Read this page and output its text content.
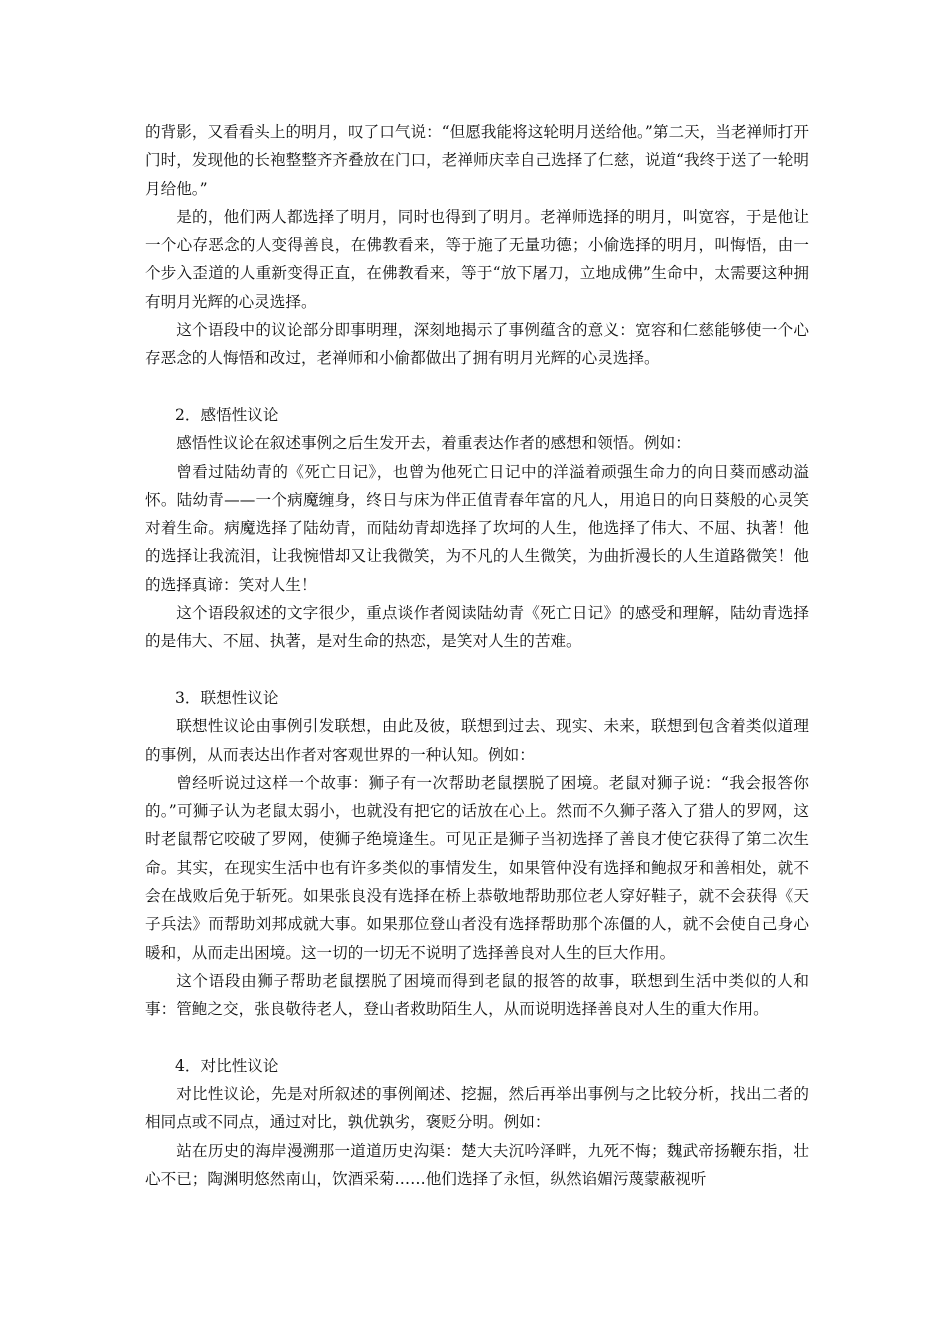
的背影，又看看头上的明月，叹了口气说：“但愿我能将这轮明月送给他。”第二天，当老禅师打开门时，发现他的长袍整整齐齐叠放在门口，老禅师庆幸自己选择了仁慈，说道“我终于送了一轮明月给他。”

是的，他们两人都选择了明月，同时也得到了明月。老禅师选择的明月，叫宽容，于是他让一个心存恶念的人变得善良，在佛教看来，等于施了无量功德；小偷选择的明月，叫悔悟，由一个步入歪道的人重新变得正直，在佛教看来，等于“放下屠刀，立地成佛”生命中，太需要这种拥有明月光辉的心灵选择。

这个语段中的议论部分即事明理，深刻地揭示了事例蕴含的意义：宽容和仁慈能够使一个心存恶念的人悔悟和改过，老禅师和小偷都做出了拥有明月光辉的心灵选择。

2．感悟性议论

感悟性议论在叙述事例之后生发开去，着重表达作者的感想和领悟。例如：

曾看过陆幼青的《死亡日记》，也曾为他死亡日记中的洋溢着顽强生命力的向日葵而感动溢怀。陆幼青——一个病魔缠身，终日与床为伴正值青春年富的凡人，用追日的向日葵般的心灵笑对着生命。病魔选择了陆幼青，而陆幼青却选择了坎坷的人生，他选择了伟大、不屈、执著！他的选择让我流泪，让我惋惜却又让我微笑，为不凡的人生微笑，为曲折漫长的人生道路微笑！他的选择真谛：笑对人生！

这个语段叙述的文字很少，重点谈作者阅读陆幼青《死亡日记》的感受和理解，陆幼青选择的是伟大、不屈、执著，是对生命的热恋，是笑对人生的苦难。

3．联想性议论

联想性议论由事例引发联想，由此及彼，联想到过去、现实、未来，联想到包含着类似道理的事例，从而表达出作者对客观世界的一种认知。例如：

曾经听说过这样一个故事：狮子有一次帮助老鼠摆脱了困境。老鼠对狮子说：“我会报答你的。”可狮子认为老鼠太弱小，也就没有把它的话放在心上。然而不久狮子落入了猎人的罗网，这时老鼠帮它咬破了罗网，使狮子绝境逢生。可见正是狮子当初选择了善良才使它获得了第二次生命。其实，在现实生活中也有许多类似的事情发生，如果管仲没有选择和鲍叔牙和善相处，就不会在战败后免于斩死。如果张良没有选择在桥上恭敬地帮助那位老人穿好鞋子，就不会获得《天子兵法》而帮助刘邦成就大事。如果那位登山者没有选择帮助那个冻僵的人，就不会使自己身心暖和，从而走出困境。这一切的一切无不说明了选择善良对人生的巨大作用。

这个语段由狮子帮助老鼠摆脱了困境而得到老鼠的报答的故事，联想到生活中类似的人和事：管鲍之交，张良敬待老人，登山者救助陌生人，从而说明选择善良对人生的重大作用。

4．对比性议论

对比性议论，先是对所叙述的事例阐述、挖掘，然后再举出事例与之比较分析，找出二者的相同点或不同点，通过对比，孰优孰劣，褒贬分明。例如：

站在历史的海岸漫溯那一道道历史沟渠：楚大夫沉吟泽畔，九死不悔；魏武帝扬鞭东指，壮心不已；陶渊明悠然南山，饮酒采菊……他们选择了永恒，纵然谄媚污蔑蒙蔽视听
